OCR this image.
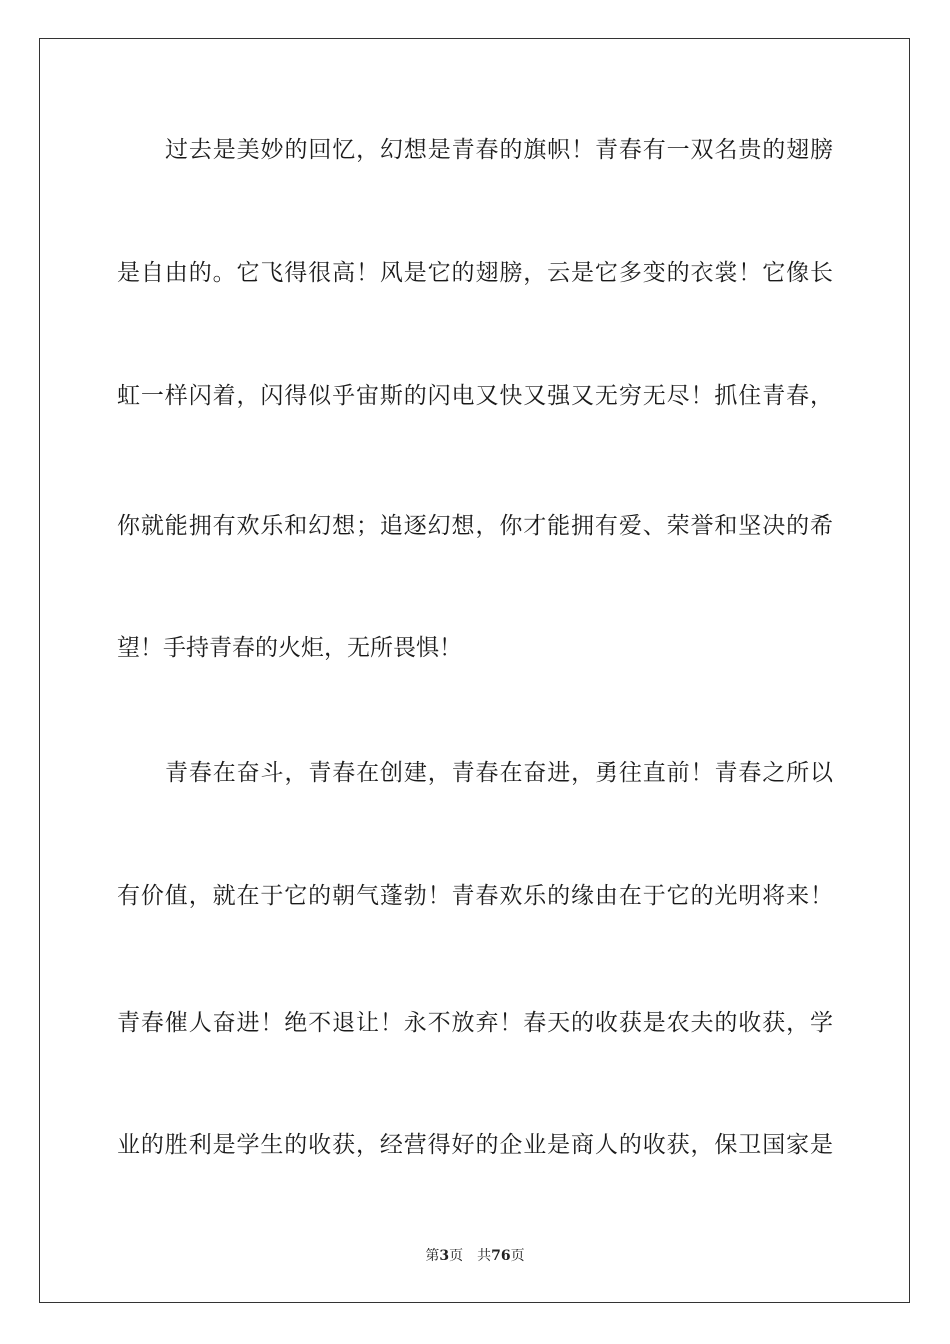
过去是美妙的回忆，幻想是青春的旗帜！青春有一双名贵的翅膀
是自由的。它飞得很高！风是它的翅膀，云是它多变的衣裳！它像长
虹一样闪着，闪得似乎宙斯的闪电又快又强又无穷无尽！抓住青春，
你就能拥有欢乐和幻想；追逐幻想，你才能拥有爱、荣誉和坚决的希
望！手持青春的火炬，无所畏惧！
青春在奋斗，青春在创建，青春在奋进，勇往直前！青春之所以
有价值，就在于它的朝气蓬勃！青春欢乐的缘由在于它的光明将来！
青春催人奋进！绝不退让！永不放弃！春天的收获是农夫的收获，学
业的胜利是学生的收获，经营得好的企业是商人的收获，保卫国家是
第3页 共76页
